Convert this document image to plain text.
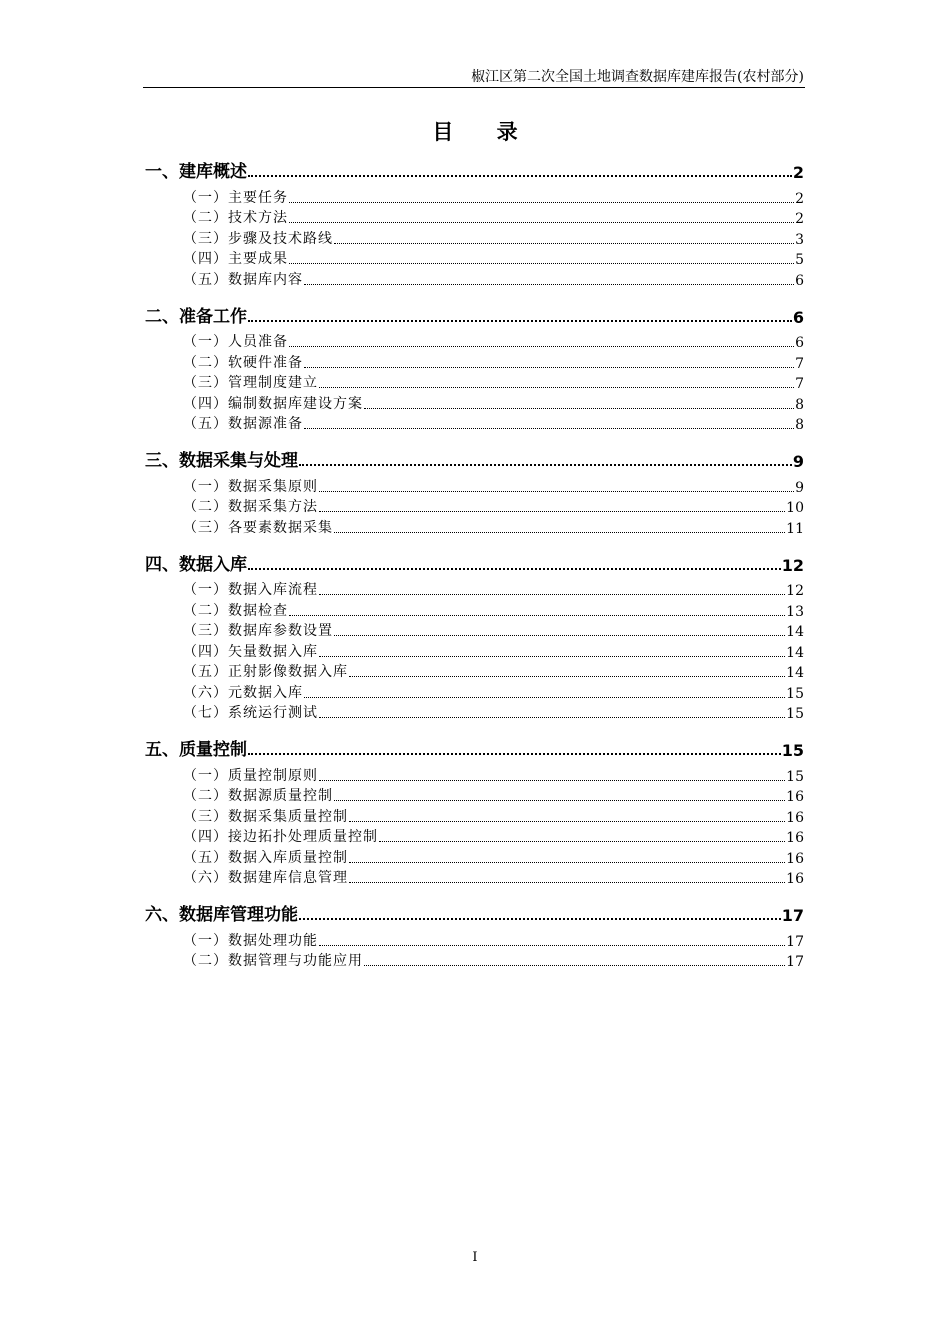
椒江区第二次全国土地调查数据库建库报告(农村部分)
目 录
一、建库概述	2
（一）主要任务	2
（二）技术方法	2
（三）步骤及技术路线	3
（四）主要成果	5
（五）数据库内容	6
二、准备工作	6
（一）人员准备	6
（二）软硬件准备	7
（三）管理制度建立	7
（四）编制数据库建设方案	8
（五）数据源准备	8
三、数据采集与处理	9
（一）数据采集原则	9
（二）数据采集方法	10
（三）各要素数据采集	11
四、数据入库	12
（一）数据入库流程	12
（二）数据检查	13
（三）数据库参数设置	14
（四）矢量数据入库	14
（五）正射影像数据入库	14
（六）元数据入库	15
（七）系统运行测试	15
五、质量控制	15
（一）质量控制原则	15
（二）数据源质量控制	16
（三）数据采集质量控制	16
（四）接边拓扑处理质量控制	16
（五）数据入库质量控制	16
（六）数据建库信息管理	16
六、数据库管理功能	17
（一）数据处理功能	17
（二）数据管理与功能应用	17
I
